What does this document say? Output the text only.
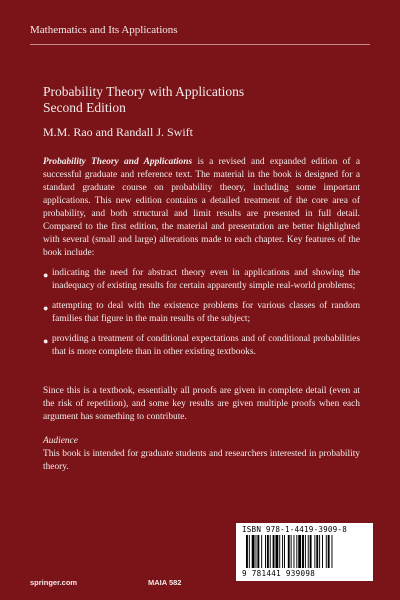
Mathematics and Its Applications
Probability Theory with Applications
Second Edition
M.M. Rao and Randall J. Swift

Probability Theory and Applications is a revised and expanded edition of a successful graduate and reference text. The material in the book is designed for a standard graduate course on probability theory, including some important applications. This new edition contains a detailed treatment of the core area of probability, and both structural and limit results are presented in full detail. Compared to the first edition, the material and presentation are better highlighted with several (small and large) alterations made to each chapter. Key features of the book include:

● indicating the need for abstract theory even in applications and showing the inadequacy of existing results for certain apparently simple real-world problems;
● attempting to deal with the existence problems for various classes of random families that figure in the main results of the subject;
● providing a treatment of conditional expectations and of conditional probabilities that is more complete than in other existing textbooks.

Since this is a textbook, essentially all proofs are given in complete detail (even at the risk of repetition), and some key results are given multiple proofs when each argument has something to contribute.

Audience

This book is intended for graduate students and researchers interested in probability theory.

ISBN 978-1-4419-3909-8
9 781441 939098
springer.com	MAIA 582
